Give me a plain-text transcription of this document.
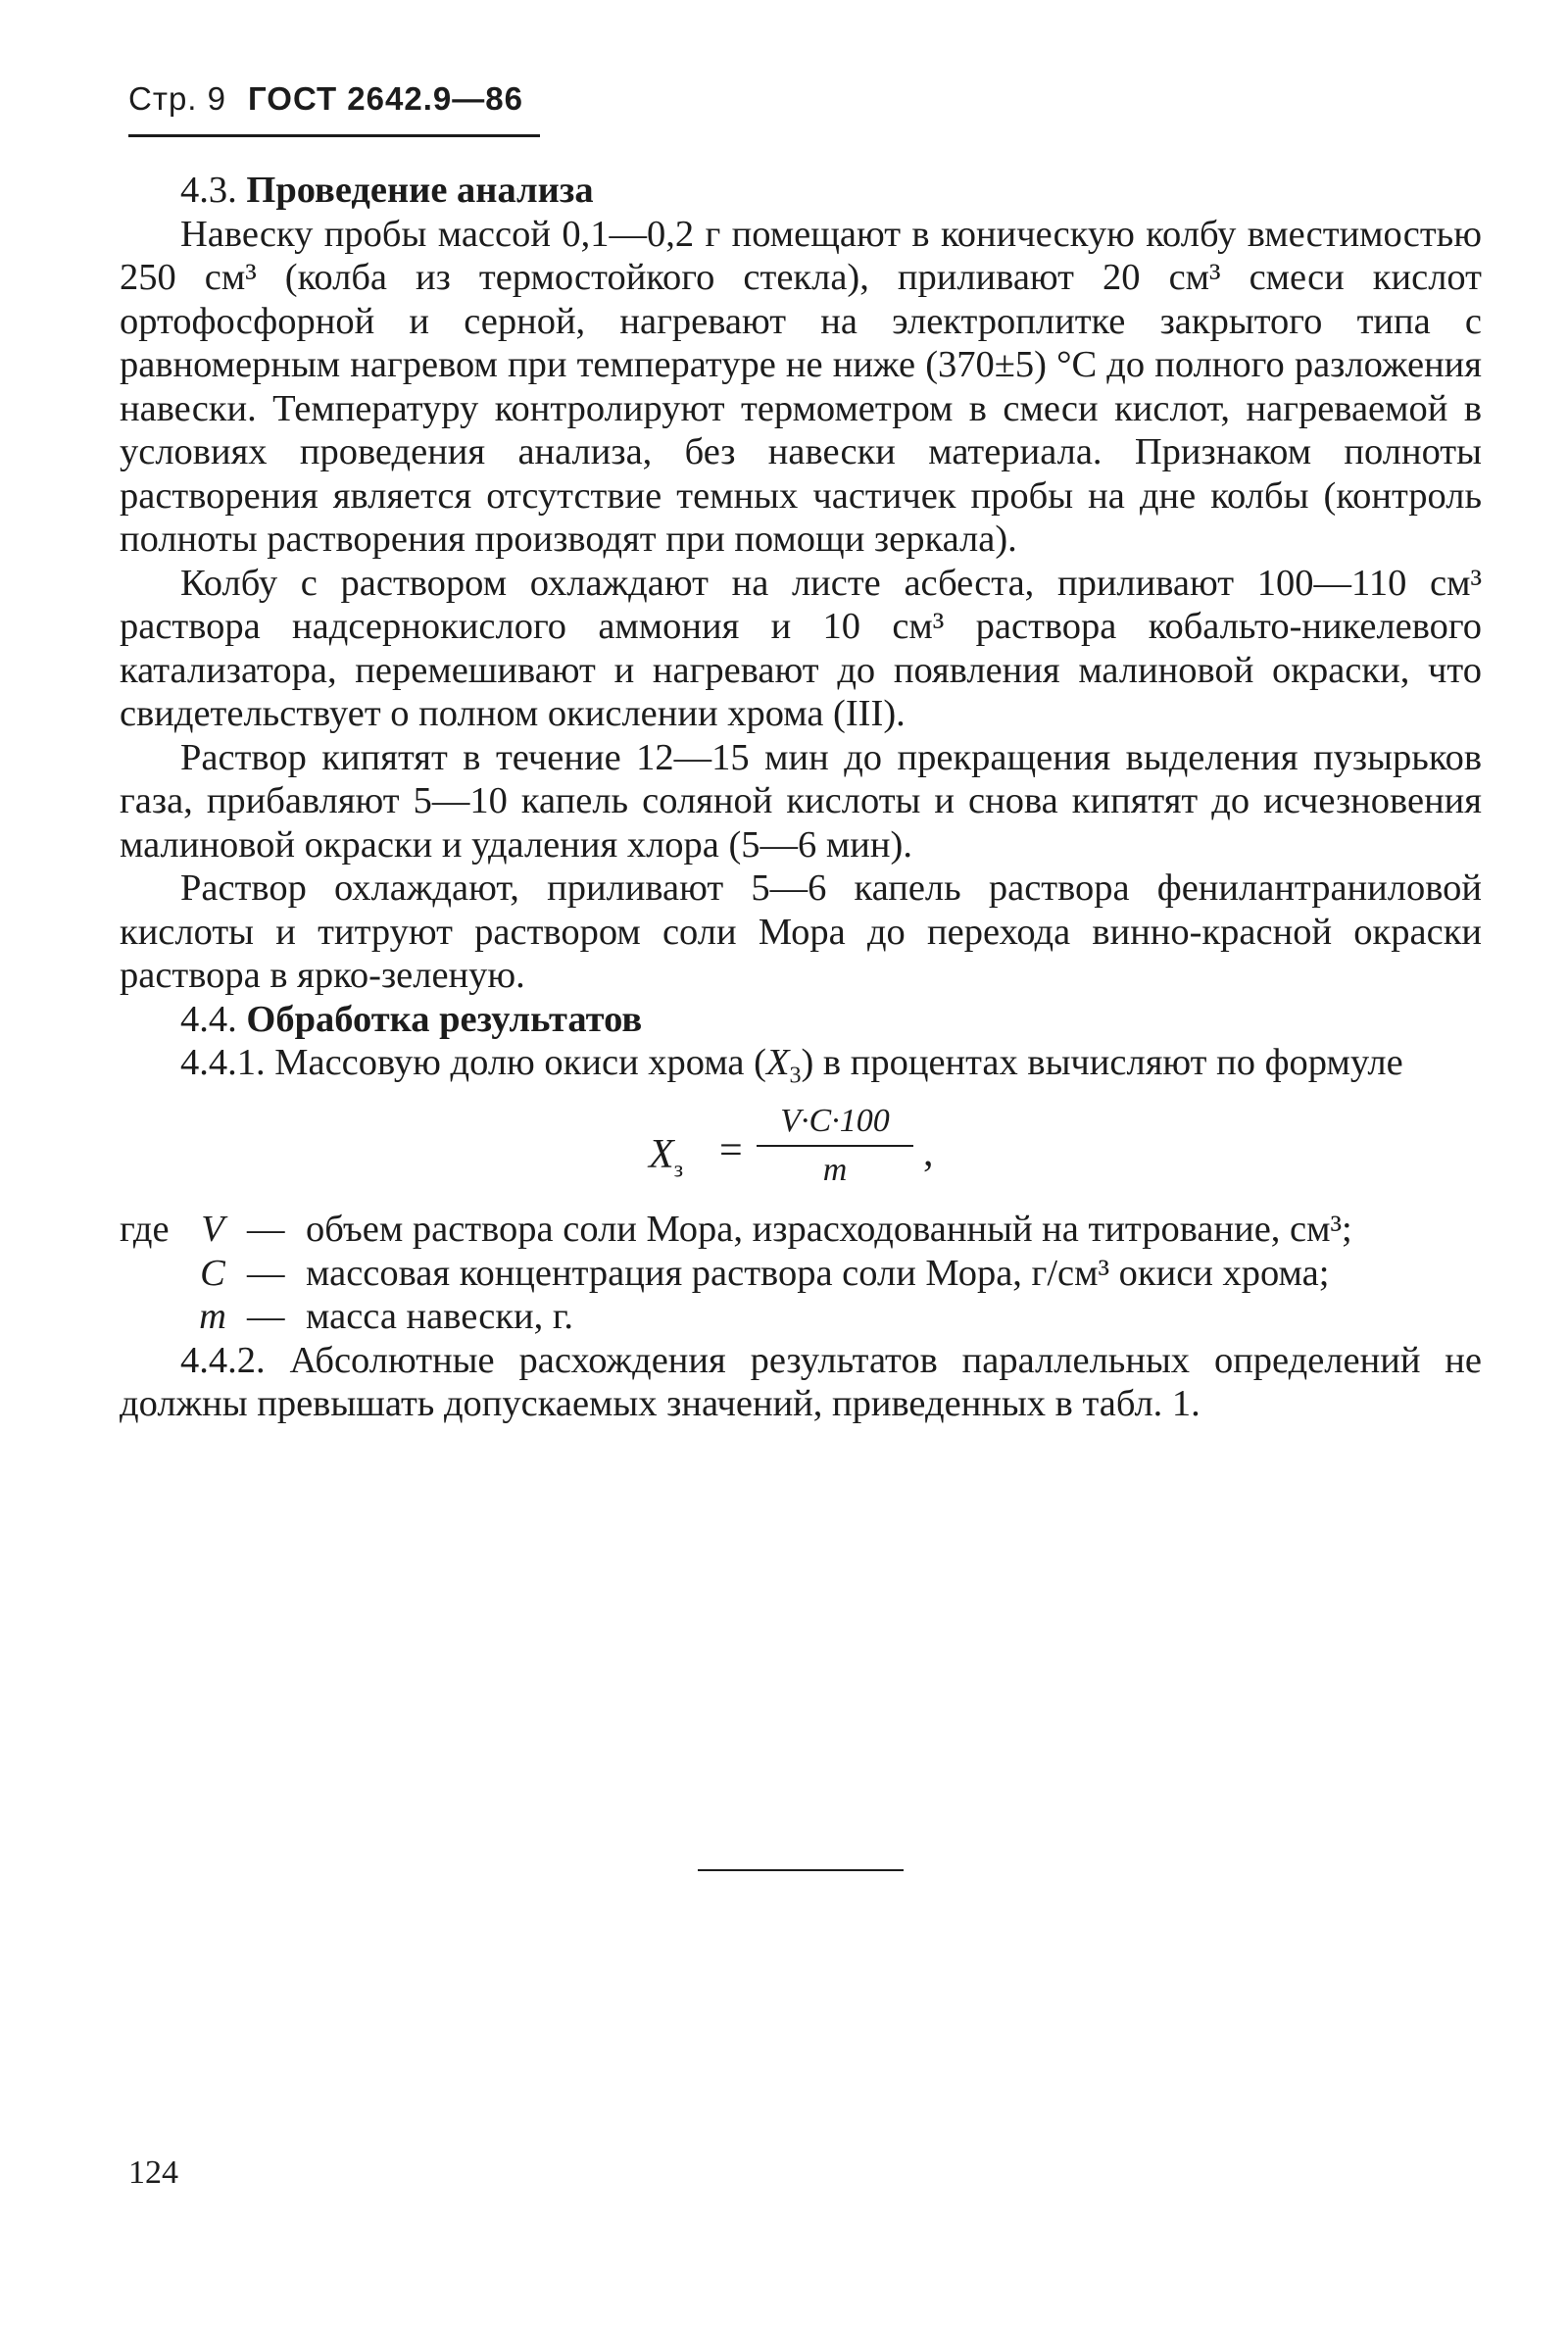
Стр. 9 ГОСТ 2642.9—86
4.3. Проведение анализа

Навеску пробы массой 0,1—0,2 г помещают в коническую колбу вместимостью 250 см³ (колба из термостойкого стекла), приливают 20 см³ смеси кислот ортофосфорной и серной, нагревают на электроплитке закрытого типа с равномерным нагревом при температуре не ниже (370±5) °С до полного разложения навески. Температуру контролируют термометром в смеси кислот, нагреваемой в условиях проведения анализа, без навески материала. Признаком полноты растворения является отсутствие темных частичек пробы на дне колбы (контроль полноты растворения производят при помощи зеркала).

Колбу с раствором охлаждают на листе асбеста, приливают 100—110 см³ раствора надсернокислого аммония и 10 см³ раствора кобальто-никелевого катализатора, перемешивают и нагревают до появления малиновой окраски, что свидетельствует о полном окислении хрома (III).

Раствор кипятят в течение 12—15 мин до прекращения выделения пузырьков газа, прибавляют 5—10 капель соляной кислоты и снова кипятят до исчезновения малиновой окраски и удаления хлора (5—6 мин).

Раствор охлаждают, приливают 5—6 капель раствора фенилантраниловой кислоты и титруют раствором соли Мора до перехода винно-красной окраски раствора в ярко-зеленую.

4.4. Обработка результатов

4.4.1. Массовую долю окиси хрома $(X_3)$ в процентах вычисляют по формуле

$X_з$ =
V·C·100
m	,
где V — объем раствора соли Мора, израсходованный на титрование, см³;
C — массовая концентрация раствора соли Мора, г/см³ окиси хрома;
m — масса навески, г.

4.4.2. Абсолютные расхождения результатов параллельных определений не должны превышать допускаемых значений, приведенных в табл. 1.

124
